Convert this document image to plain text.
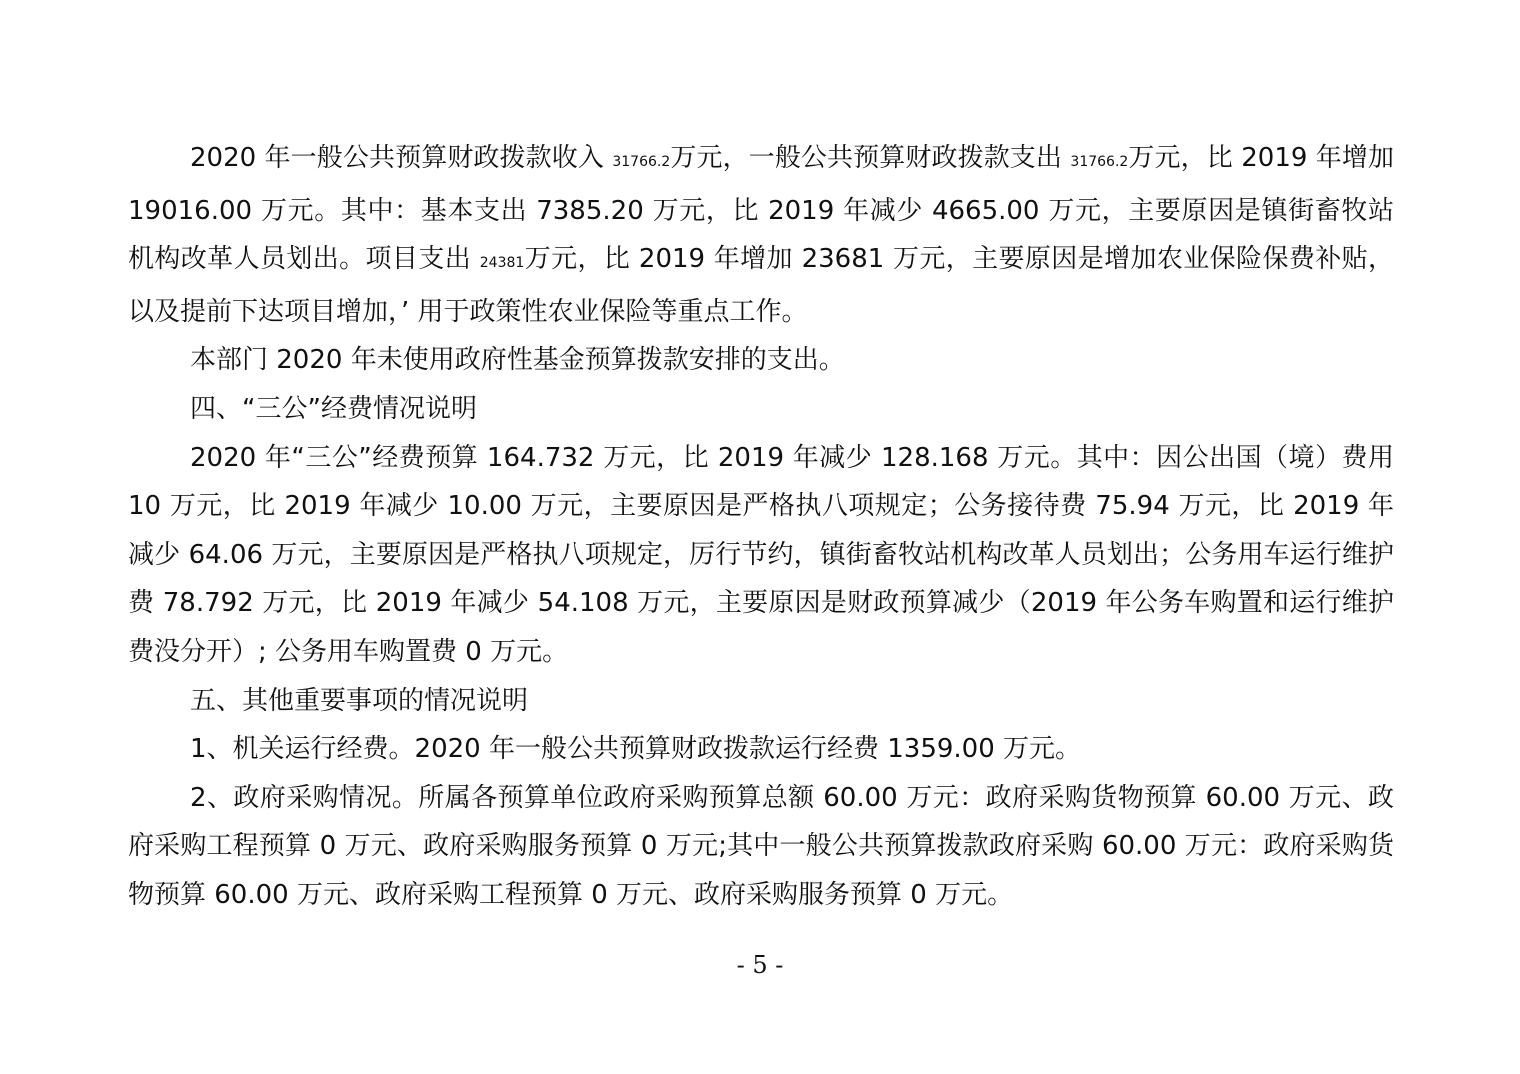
2020 年一般公共预算财政拨款收入 31766.2万元，一般公共预算财政拨款支出 31766.2万元，比 2019 年增加 19016.00 万元。其中：基本支出 7385.20 万元，比 2019 年减少 4665.00 万元，主要原因是镇街畜牧站机构改革人员划出。项目支出 24381万元，比 2019 年增加 23681 万元，主要原因是增加农业保险保费补贴，以及提前下达项目增加，’ 用于政策性农业保险等重点工作。

本部门 2020 年未使用政府性基金预算拨款安排的支出。

四、“三公”经费情况说明

2020 年“三公”经费预算 164.732 万元，比 2019 年减少 128.168 万元。其中：因公出国（境）费用 10 万元，比 2019 年减少 10.00 万元，主要原因是严格执八项规定；公务接待费 75.94 万元，比 2019 年减少 64.06 万元，主要原因是严格执八项规定，厉行节约，镇街畜牧站机构改革人员划出；公务用车运行维护费 78.792 万元，比 2019 年减少 54.108 万元，主要原因是财政预算减少（2019 年公务车购置和运行维护费没分开）; 公务用车购置费 0 万元。

五、其他重要事项的情况说明

1、机关运行经费。2020 年一般公共预算财政拨款运行经费 1359.00 万元。

2、政府采购情况。所属各预算单位政府采购预算总额 60.00 万元：政府采购货物预算 60.00 万元、政府采购工程预算 0 万元、政府采购服务预算 0 万元;其中一般公共预算拨款政府采购 60.00 万元：政府采购货物预算 60.00 万元、政府采购工程预算 0 万元、政府采购服务预算 0 万元。

- 5 -
